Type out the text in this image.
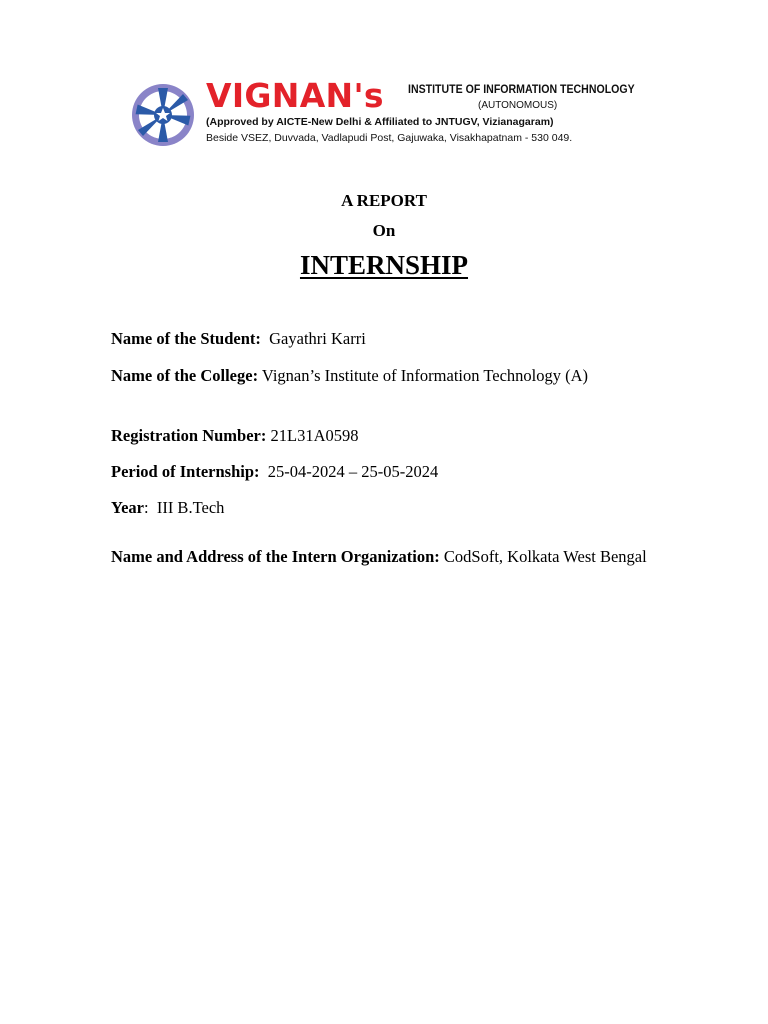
VIGNAN's INSTITUTE OF INFORMATION TECHNOLOGY
(AUTONOMOUS)
(Approved by AICTE-New Delhi & Affiliated to JNTUGV, Vizianagaram)
Beside VSEZ, Duvvada, Vadlapudi Post, Gajuwaka, Visakhapatnam - 530 049.
A REPORT
On
INTERNSHIP
Name of the Student: Gayathri Karri
Name of the College: Vignan’s Institute of Information Technology (A)
Registration Number: 21L31A0598
Period of Internship: 25-04-2024 – 25-05-2024
Year: III B.Tech
Name and Address of the Intern Organization: CodSoft, Kolkata West Bengal
